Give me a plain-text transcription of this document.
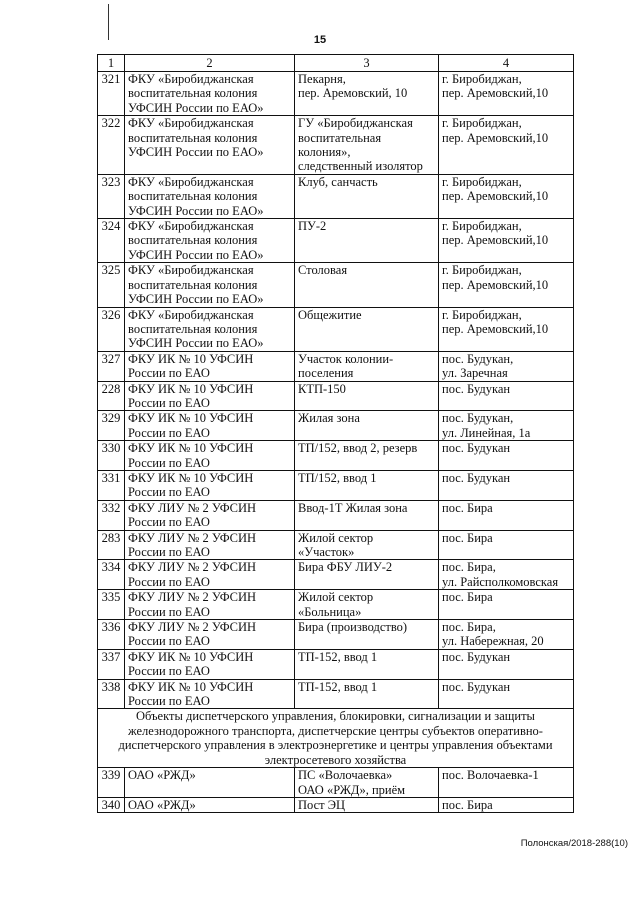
15
1	2	3	4
321	ФКУ «Биробиджанская
воспитательная колония
УФСИН России по ЕАО»	Пекарня,
пер. Аремовский, 10	г. Биробиджан,
пер. Аремовский,10

322	ФКУ «Биробиджанская
воспитательная колония
УФСИН России по ЕАО»	ГУ «Биробиджанская
воспитательная
колония»,
следственный изолятор	г. Биробиджан,
пер. Аремовский,10

323	ФКУ «Биробиджанская
воспитательная колония
УФСИН России по ЕАО»	Клуб, санчасть	г. Биробиджан,
пер. Аремовский,10

324	ФКУ «Биробиджанская
воспитательная колония
УФСИН России по ЕАО»	ПУ-2	г. Биробиджан,
пер. Аремовский,10

325	ФКУ «Биробиджанская
воспитательная колония
УФСИН России по ЕАО»	Столовая	г. Биробиджан,
пер. Аремовский,10

326	ФКУ «Биробиджанская
воспитательная колония
УФСИН России по ЕАО»	Общежитие	г. Биробиджан,
пер. Аремовский,10

327	ФКУ ИК № 10 УФСИН
России по ЕАО	Участок колонии-
поселения	пос. Будукан,
ул. Заречная

228	ФКУ ИК № 10 УФСИН
России по ЕАО	КТП-150	пос. Будукан

329	ФКУ ИК № 10 УФСИН
России по ЕАО	Жилая зона	пос. Будукан,
ул. Линейная, 1а

330	ФКУ ИК № 10 УФСИН
России по ЕАО	ТП/152, ввод 2, резерв	пос. Будукан

331	ФКУ ИК № 10 УФСИН
России по ЕАО	ТП/152, ввод 1	пос. Будукан

332	ФКУ ЛИУ № 2 УФСИН
России по ЕАО	Ввод-1Т Жилая зона	пос. Бира

283	ФКУ ЛИУ № 2 УФСИН
России по ЕАО	Жилой сектор
«Участок»	пос. Бира

334	ФКУ ЛИУ № 2 УФСИН
России по ЕАО	Бира ФБУ ЛИУ-2	пос. Бира,
ул. Райсполкомовская

335	ФКУ ЛИУ № 2 УФСИН
России по ЕАО	Жилой сектор
«Больница»	пос. Бира

336	ФКУ ЛИУ № 2 УФСИН
России по ЕАО	Бира (производство)	пос. Бира,
ул. Набережная, 20

337	ФКУ ИК № 10 УФСИН
России по ЕАО	ТП-152, ввод 1	пос. Будукан

338	ФКУ ИК № 10 УФСИН
России по ЕАО	ТП-152, ввод 1	пос. Будукан

Объекты диспетчерского управления, блокировки, сигнализации и защиты
железнодорожного транспорта, диспетчерские центры субъектов оперативно-
диспетчерского управления в электроэнергетике и центры управления объектами
электросетевого хозяйства			

339	ОАО «РЖД»	ПС «Волочаевка»
ОАО «РЖД», приём	пос. Волочаевка-1

340	ОАО «РЖД»	Пост ЭЦ	пос. Бира
Полонская/2018-288(10)
